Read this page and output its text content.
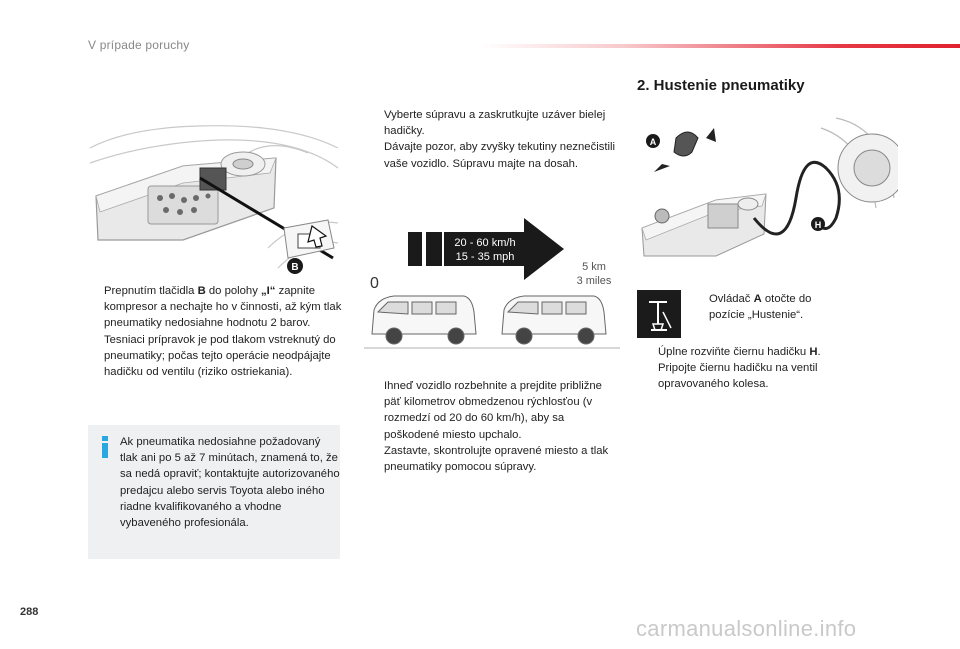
V prípade poruchy
B
Prepnutím tlačidla B do polohy „I“ zapnite kompresor a nechajte ho v činnosti, až kým tlak pneumatiky nedosiahne hodnotu 2 barov.
Tesniaci prípravok je pod tlakom vstreknutý do pneumatiky; počas tejto operácie neodpájajte hadičku od ventilu (riziko ostriekania).
Ak pneumatika nedosiahne požadovaný tlak ani po 5 až 7 minútach, znamená to, že sa nedá opraviť; kontaktujte autorizovaného predajcu alebo servis Toyota alebo iného riadne kvalifikovaného a vhodne vybaveného profesionála.
Vyberte súpravu a zaskrutkujte uzáver bielej hadičky.
Dávajte pozor, aby zvyšky tekutiny neznečistili vaše vozidlo. Súpravu majte na dosah.
20 - 60 km/h
15 - 35 mph
0
5 km
3 miles
Ihneď vozidlo rozbehnite a prejdite približne päť kilometrov obmedzenou rýchlosťou (v rozmedzí od 20 do 60 km/h), aby sa poškodené miesto upchalo.
Zastavte, skontrolujte opravené miesto a tlak pneumatiky pomocou súpravy.
2. Hustenie pneumatiky
A
H
Ovládač A otočte do pozície „Hustenie“.
Úplne rozviňte čiernu hadičku H.
Pripojte čiernu hadičku na ventil opravovaného kolesa.
288
carmanualsonline.info
